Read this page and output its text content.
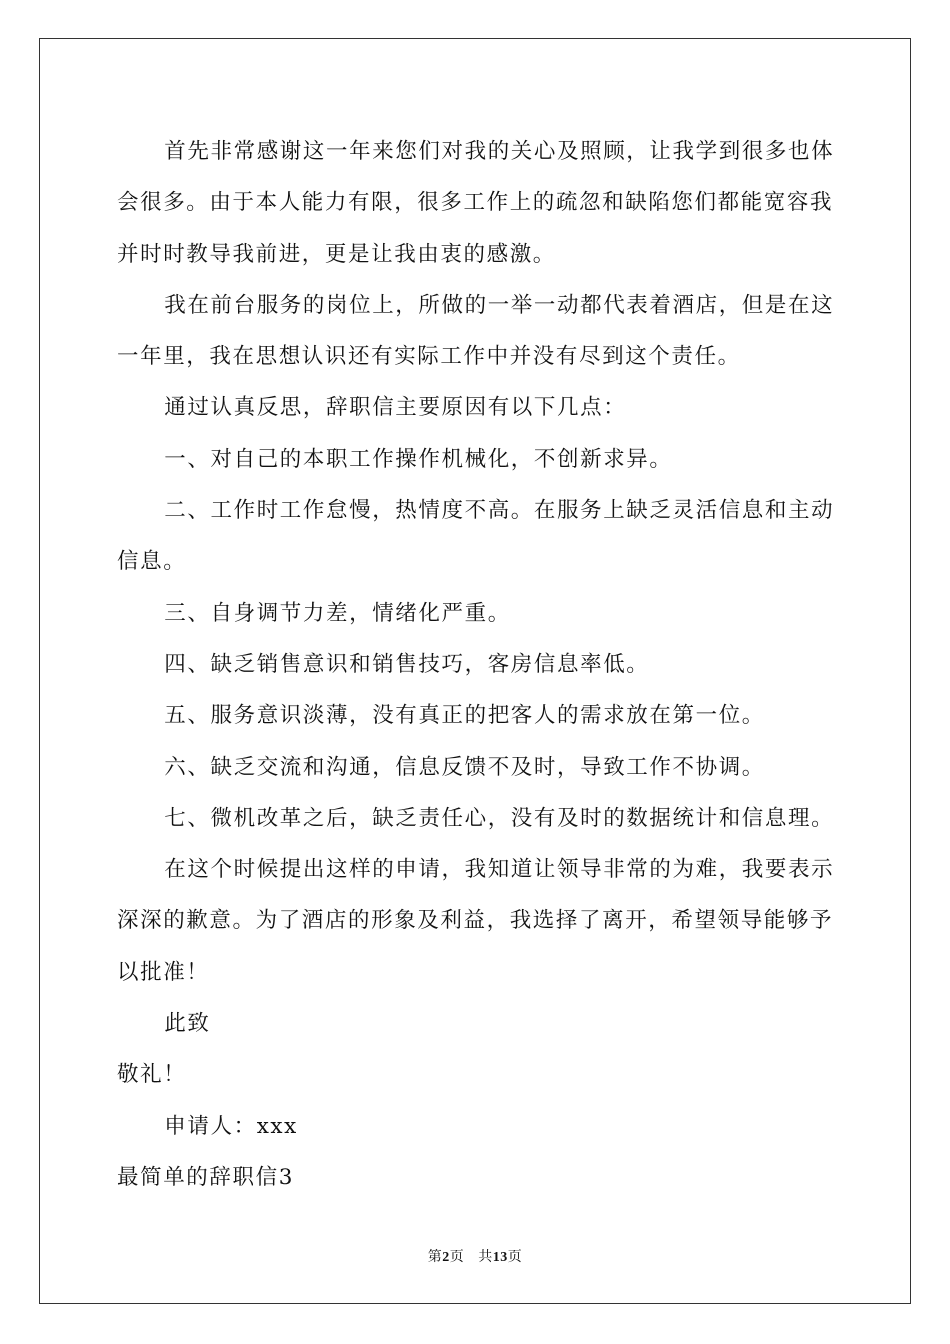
首先非常感谢这一年来您们对我的关心及照顾，让我学到很多也体会很多。由于本人能力有限，很多工作上的疏忽和缺陷您们都能宽容我并时时教导我前进，更是让我由衷的感激。

我在前台服务的岗位上，所做的一举一动都代表着酒店，但是在这一年里，我在思想认识还有实际工作中并没有尽到这个责任。

通过认真反思，辞职信主要原因有以下几点：

一、对自己的本职工作操作机械化，不创新求异。

二、工作时工作怠慢，热情度不高。在服务上缺乏灵活信息和主动信息。

三、自身调节力差，情绪化严重。

四、缺乏销售意识和销售技巧，客房信息率低。

五、服务意识淡薄，没有真正的把客人的需求放在第一位。

六、缺乏交流和沟通，信息反馈不及时，导致工作不协调。

七、微机改革之后，缺乏责任心，没有及时的数据统计和信息理。

在这个时候提出这样的申请，我知道让领导非常的为难，我要表示深深的歉意。为了酒店的形象及利益，我选择了离开，希望领导能够予以批准！

此致

敬礼！

申请人：xxx

最简单的辞职信3

第2页 共13页
